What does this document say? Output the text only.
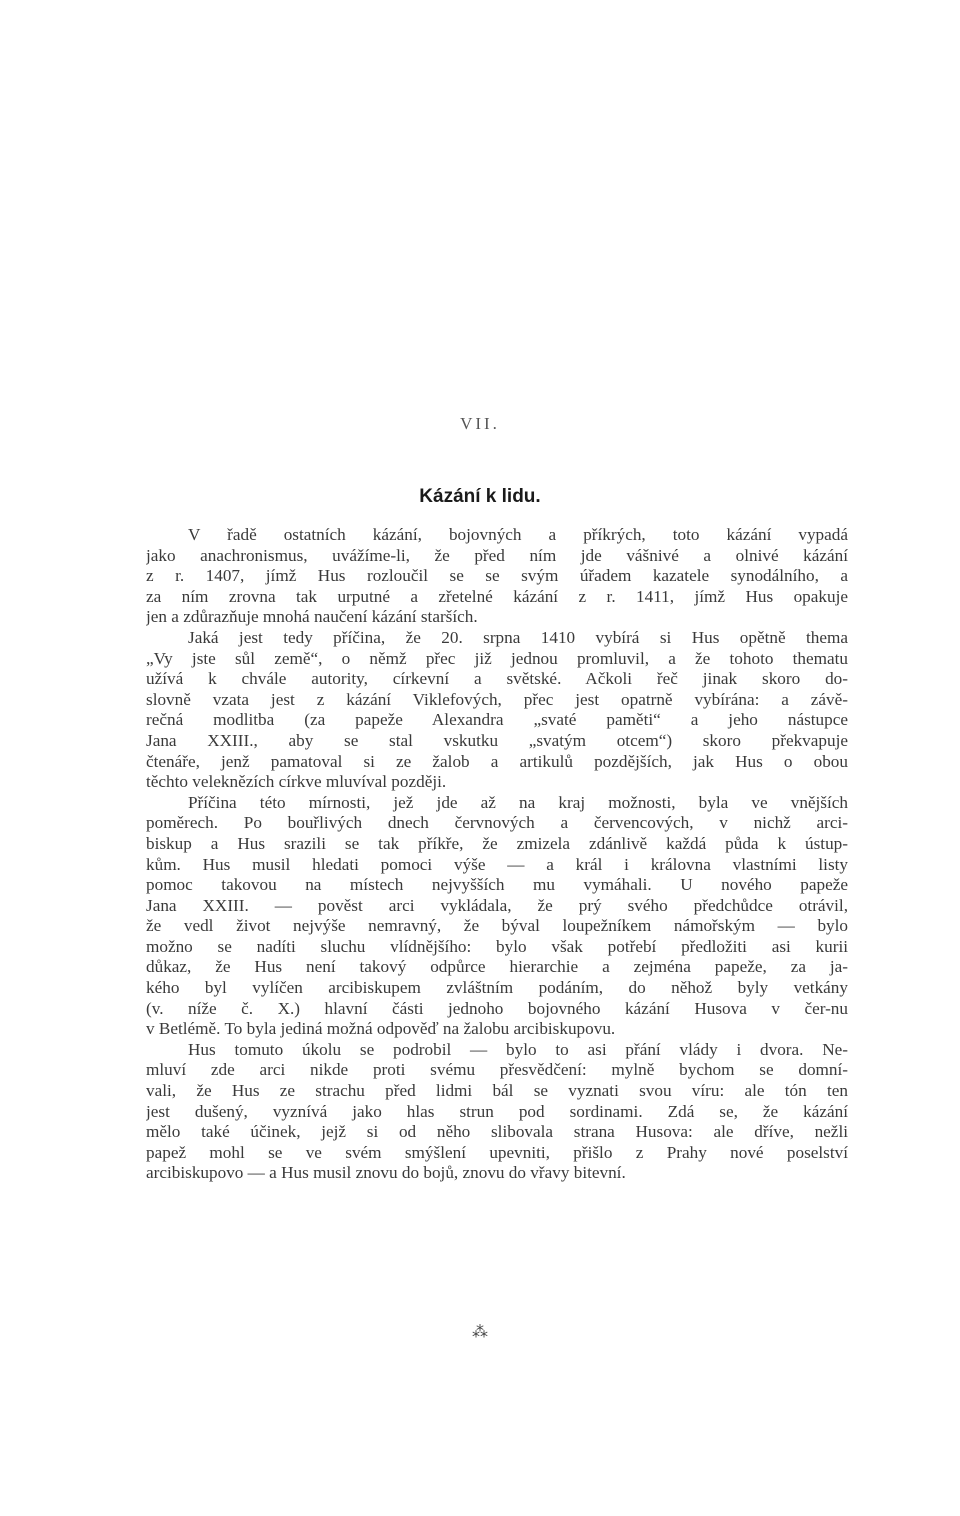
VII.
Kázání k lidu.
V řadě ostatních kázání, bojovných a příkrých, toto kázání vypadá
jako anachronismus, uvážíme-li, že před ním jde vášnivé a olnivé kázání
z r. 1407, jímž Hus rozloučil se se svým úřadem kazatele synodálního, a
za ním zrovna tak urputné a zřetelné kázání z r. 1411, jímž Hus opakuje
jen a zdůrazňuje mnohá naučení kázání starších.
Jaká jest tedy příčina, že 20. srpna 1410 vybírá si Hus opětně thema
„Vy jste sůl země“, o němž přec již jednou promluvil, a že tohoto thematu
užívá k chvále autority, církevní a světské. Ačkoli řeč jinak skoro do-
slovně vzata jest z kázání Viklefových, přec jest opatrně vybírána: a závě-
rečná modlitba (za papeže Alexandra „svaté paměti“ a jeho nástupce
Jana XXIII., aby se stal vskutku „svatým otcem“) skoro překvapuje
čtenáře, jenž pamatoval si ze žalob a artikulů pozdějších, jak Hus o obou
těchto veleknězích církve mluvíval později.
Příčina této mírnosti, jež jde až na kraj možnosti, byla ve vnějších
poměrech. Po bouřlivých dnech červnových a červencových, v nichž arci-
biskup a Hus srazili se tak příkře, že zmizela zdánlivě každá půda k ústup-
kům. Hus musil hledati pomoci výše — a král i královna vlastními listy
pomoc takovou na místech nejvyšších mu vymáhali. U nového papeže
Jana XXIII. — pověst arci vykládala, že prý svého předchůdce otrávil,
že vedl život nejvýše nemravný, že býval loupežníkem námořským — bylo
možno se nadíti sluchu vlídnějšího: bylo však potřebí předložiti asi kurii
důkaz, že Hus není takový odpůrce hierarchie a zejména papeže, za ja-
kého byl vylíčen arcibiskupem zvláštním podáním, do něhož byly vetkány
(v. níže č. X.) hlavní části jednoho bojovného kázání Husova v čer-nu
v Betlémě. To byla jediná možná odpověď na žalobu arcibiskupovu.
Hus tomuto úkolu se podrobil — bylo to asi přání vlády i dvora. Ne-
mluví zde arci nikde proti svému přesvědčení: mylně bychom se domní-
vali, že Hus ze strachu před lidmi bál se vyznati svou víru: ale tón ten
jest dušený, vyznívá jako hlas strun pod sordinami. Zdá se, že kázání
mělo také účinek, jejž si od něho slibovala strana Husova: ale dříve, nežli
papež mohl se ve svém smýšlení upevniti, přišlo z Prahy nové poselství
arcibiskupovo — a Hus musil znovu do bojů, znovu do vřavy bitevní.
⁂
